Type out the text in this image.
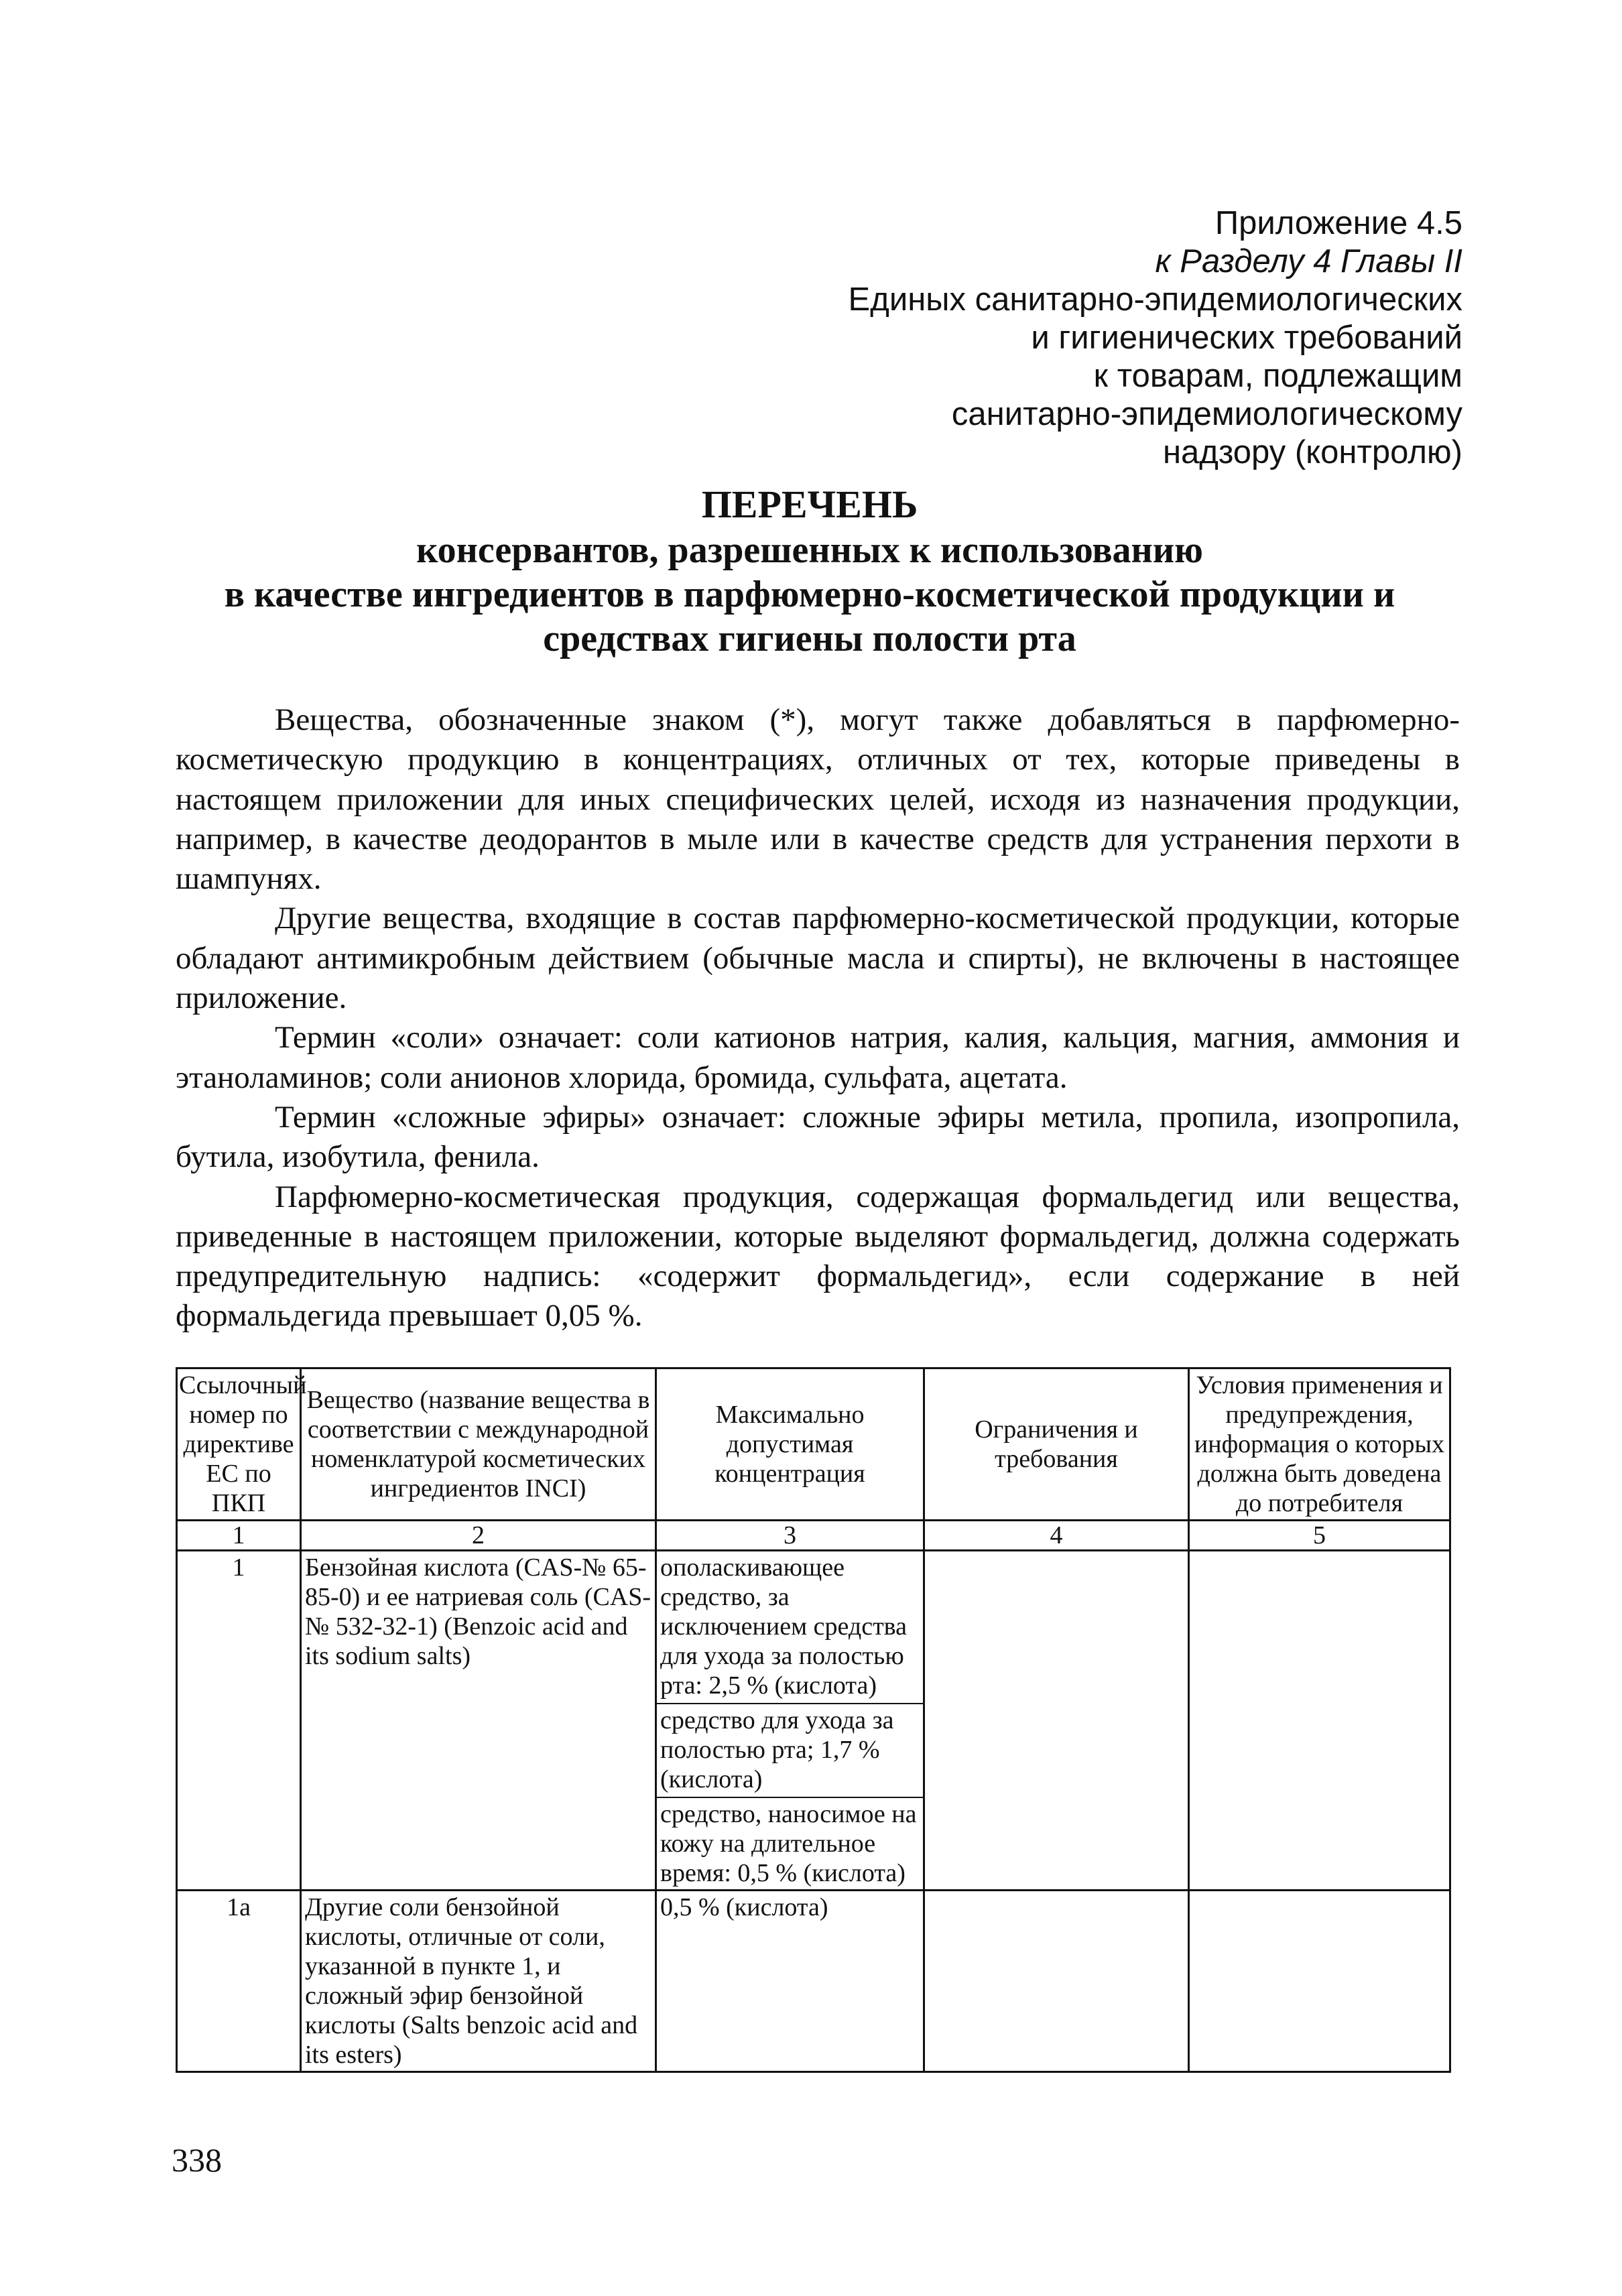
Приложение 4.5
к Разделу 4 Главы II
Единых санитарно-эпидемиологических
и гигиенических требований
к товарам, подлежащим
санитарно-эпидемиологическому
надзору (контролю)
ПЕРЕЧЕНЬ
консервантов, разрешенных к использованию
в качестве ингредиентов в парфюмерно-косметической продукции и
средствах гигиены полости рта

Вещества, обозначенные знаком (*), могут также добавляться в парфюмерно-косметическую продукцию в концентрациях, отличных от тех, которые приведены в настоящем приложении для иных специфических целей, исходя из назначения продукции, например, в качестве деодорантов в мыле или в качестве средств для устранения перхоти в шампунях.

Другие вещества, входящие в состав парфюмерно-косметической продукции, которые обладают антимикробным действием (обычные масла и спирты), не включены в настоящее приложение.

Термин «соли» означает: соли катионов натрия, калия, кальция, магния, аммония и этаноламинов; соли анионов хлорида, бромида, сульфата, ацетата.

Термин «сложные эфиры» означает: сложные эфиры метила, пропила, изопропила, бутила, изобутила, фенила.

Парфюмерно-косметическая продукция, содержащая формальдегид или вещества, приведенные в настоящем приложении, которые выделяют формальдегид, должна содержать предупредительную надпись: «содержит формальдегид», если содержание в ней формальдегида превышает 0,05 %.

Ссылочный номер по директиве ЕС по ПКП	Вещество (название вещества в соответствии с международной номенклатурой косметических ингредиентов INCI)	Максимально допустимая концентрация	Ограничения и требования	Условия применения и предупреждения, информация о которых должна быть доведена до потребителя
1	2	3	4	5
1	Бензойная кислота (CAS-№ 65-85-0) и ее натриевая соль (CAS-№ 532-32-1) (Benzoic acid and its sodium salts)	ополаскивающее средство, за исключением средства для ухода за полостью рта: 2,5 % (кислота)
средство для ухода за полостью рта; 1,7 % (кислота)
средство, наносимое на кожу на длительное время: 0,5 % (кислота)		

1a	Другие соли бензойной кислоты, отличные от соли, указанной в пункте 1, и сложный эфир бензойной кислоты (Salts benzoic acid and its esters)	0,5 % (кислота)		

338
